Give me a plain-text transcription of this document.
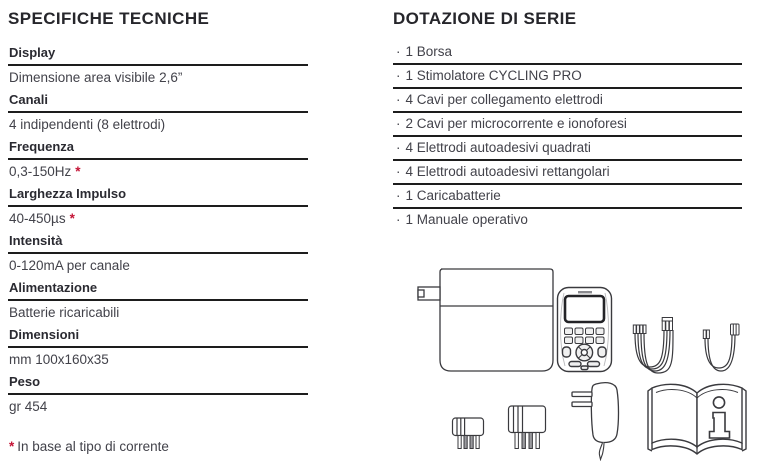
SPECIFICHE TECNICHE
Display
Dimensione area visibile 2,6”
Canali
4 indipendenti (8 elettrodi)
Frequenza
0,3-150Hz *
Larghezza Impulso
40-450µs *
Intensità
0-120mA per canale
Alimentazione
Batterie ricaricabili
Dimensioni
mm 100x160x35
Peso
gr 454
* In base al tipo di corrente
DOTAZIONE DI SERIE
· 1 Borsa
· 1 Stimolatore CYCLING PRO
· 4 Cavi per collegamento elettrodi
· 2 Cavi per microcorrente e ionoforesi
· 4 Elettrodi autoadesivi quadrati
· 4 Elettrodi autoadesivi rettangolari
· 1 Caricabatterie
· 1 Manuale operativo
